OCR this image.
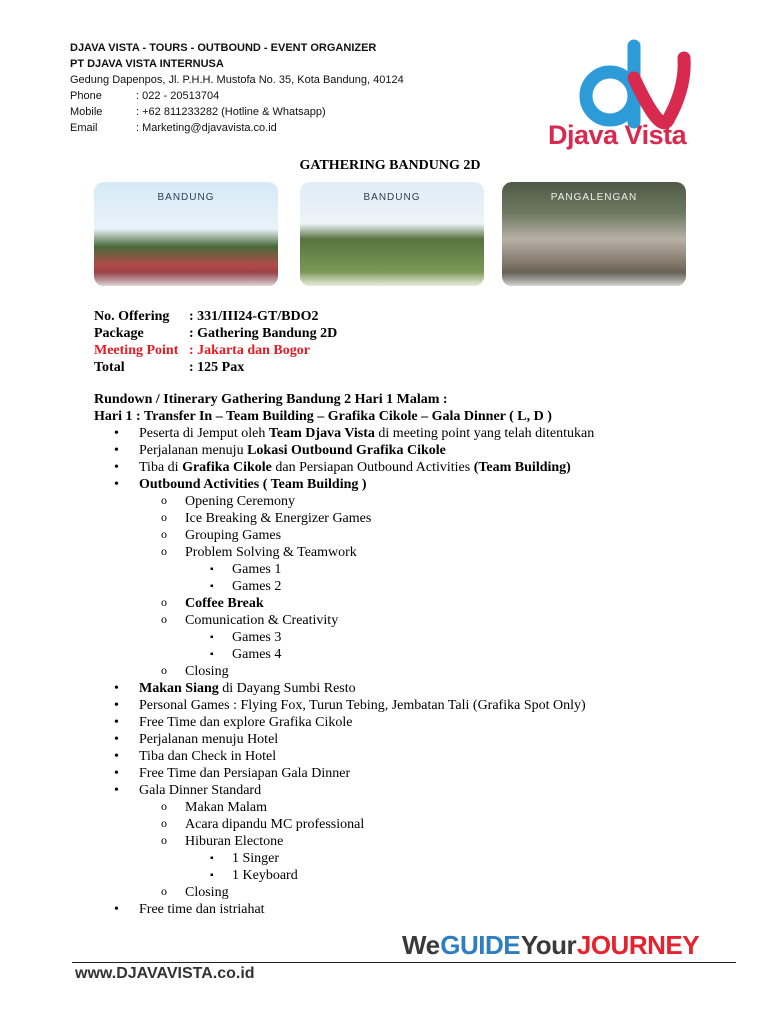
DJAVA VISTA - TOURS - OUTBOUND - EVENT ORGANIZER
PT DJAVA VISTA INTERNUSA
Gedung Dapenpos, Jl. P.H.H. Mustofa No. 35, Kota Bandung, 40124
Phone	: 022 - 20513704
Mobile	: +62 811233282 (Hotline & Whatsapp)
Email	: Marketing@djavavista.co.id	Djava Vista
GATHERING BANDUNG 2D
BANDUNG	BANDUNG	PANGALENGAN
No. Offering	: 331/III24-GT/BDO2
Package	: Gathering Bandung 2D
Meeting Point : Jakarta dan Bogor
Total	: 125 Pax
Rundown / Itinerary Gathering Bandung 2 Hari 1 Malam :
Hari 1 : Transfer In – Team Building – Grafika Cikole – Gala Dinner ( L, D )
• Peserta di Jemput oleh Team Djava Vista di meeting point yang telah ditentukan
• Perjalanan menuju Lokasi Outbound Grafika Cikole
• Tiba di Grafika Cikole dan Persiapan Outbound Activities (Team Building)
• Outbound Activities ( Team Building )
o Opening Ceremony
o Ice Breaking & Energizer Games
o Grouping Games
o Problem Solving & Teamwork
▪ Games 1
▪ Games 2
o Coffee Break
o Comunication & Creativity
▪ Games 3
▪ Games 4
o Closing
• Makan Siang di Dayang Sumbi Resto
• Personal Games : Flying Fox, Turun Tebing, Jembatan Tali (Grafika Spot Only)
• Free Time dan explore Grafika Cikole
• Perjalanan menuju Hotel
• Tiba dan Check in Hotel
• Free Time dan Persiapan Gala Dinner
• Gala Dinner Standard
o Makan Malam
o Acara dipandu MC professional
o Hiburan Electone
▪ 1 Singer
▪ 1 Keyboard
o Closing
• Free time dan istriahat
We GUIDE Your JOURNEY
www.DJAVAVISTA.co.id
